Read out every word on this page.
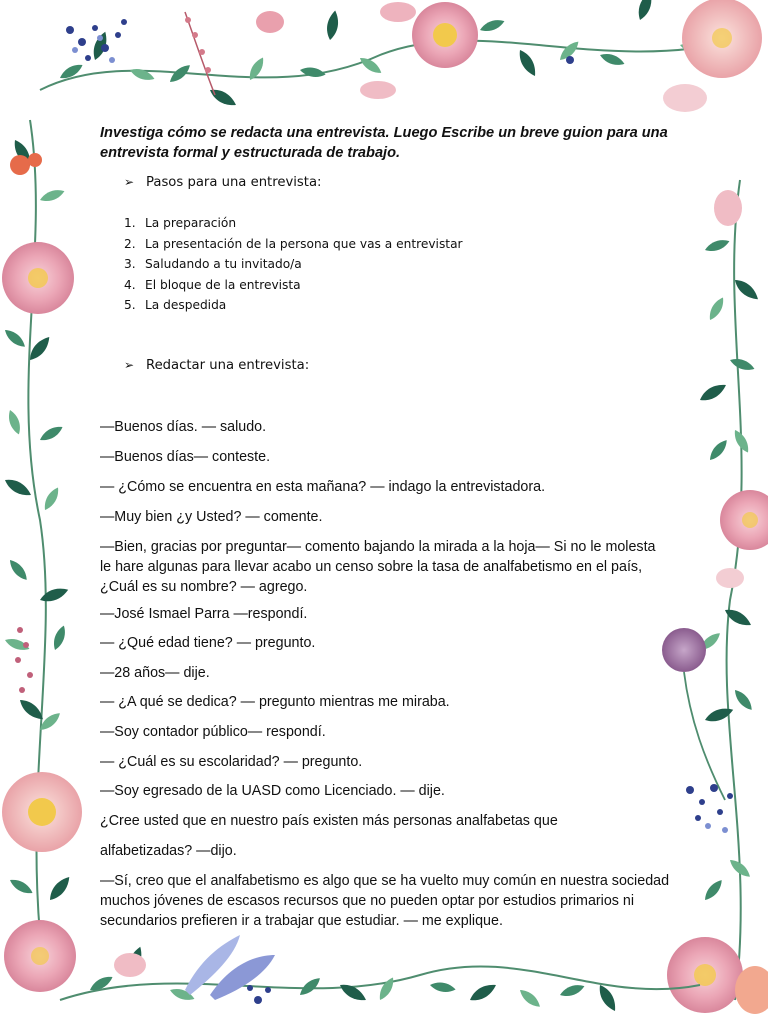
Investiga cómo se redacta una entrevista. Luego Escribe un breve guion para una entrevista formal y estructurada de trabajo.
➢ Pasos para una entrevista:
1. La preparación
2. La presentación de la persona que vas a entrevistar
3. Saludando a tu invitado/a
4. El bloque de la entrevista
5. La despedida
➢ Redactar una entrevista:
—Buenos días. — saludo.
—Buenos días— conteste.
— ¿Cómo se encuentra en esta mañana? — indago la entrevistadora.
—Muy bien ¿y Usted? — comente.
—Bien, gracias por preguntar— comento bajando la mirada a la hoja— Si no le molesta le hare algunas para llevar acabo un censo sobre la tasa de analfabetismo en el país, ¿Cuál es su nombre? — agrego.
—José Ismael Parra —respondí.
— ¿Qué edad tiene? — pregunto.
—28 años— dije.
— ¿A qué se dedica? — pregunto mientras me miraba.
—Soy contador público— respondí.
— ¿Cuál es su escolaridad? — pregunto.
—Soy egresado de la UASD como Licenciado. — dije.
¿Cree usted que en nuestro país existen más personas analfabetas que
alfabetizadas? —dijo.
—Sí, creo que el analfabetismo es algo que se ha vuelto muy común en nuestra sociedad muchos jóvenes de escasos recursos que no pueden optar por estudios primarios ni secundarios prefieren ir a trabajar que estudiar. — me explique.
